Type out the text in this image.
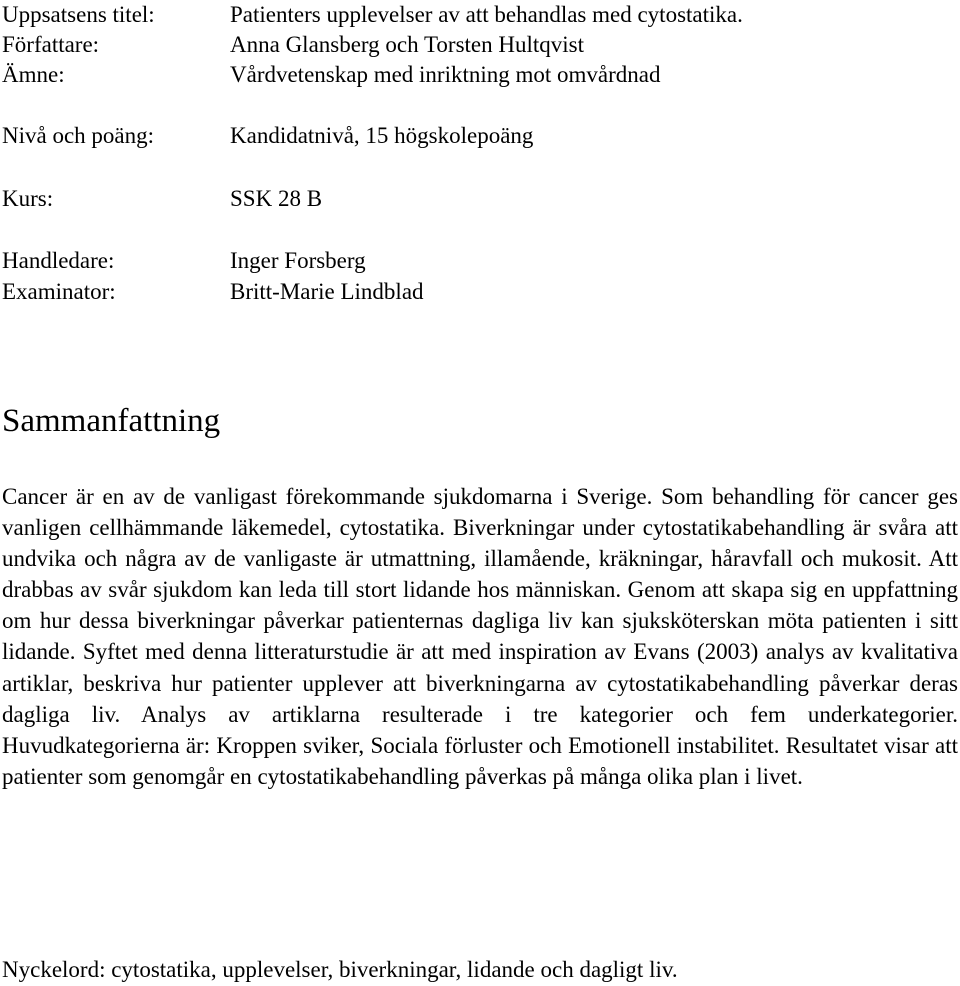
Uppsatsens titel:	Patienters upplevelser av att behandlas med cytostatika.
Författare:	Anna Glansberg och Torsten Hultqvist
Ämne:	Vårdvetenskap med inriktning mot omvårdnad
Nivå och poäng:	Kandidatnivå, 15 högskolepoäng
Kurs:	SSK 28 B
Handledare:	Inger Forsberg
Examinator:	Britt-Marie Lindblad
Sammanfattning

Cancer är en av de vanligast förekommande sjukdomarna i Sverige. Som behandling för cancer ges vanligen cellhämmande läkemedel, cytostatika. Biverkningar under cytostatikabehandling är svåra att undvika och några av de vanligaste är utmattning, illamående, kräkningar, håravfall och mukosit. Att drabbas av svår sjukdom kan leda till stort lidande hos människan. Genom att skapa sig en uppfattning om hur dessa biverkningar påverkar patienternas dagliga liv kan sjuksköterskan möta patienten i sitt lidande. Syftet med denna litteraturstudie är att med inspiration av Evans (2003) analys av kvalitativa artiklar, beskriva hur patienter upplever att biverkningarna av cytostatikabehandling påverkar deras dagliga liv. Analys av artiklarna resulterade i tre kategorier och fem underkategorier. Huvudkategorierna är: Kroppen sviker, Sociala förluster och Emotionell instabilitet. Resultatet visar att patienter som genomgår en cytostatikabehandling påverkas på många olika plan i livet.

Nyckelord: cytostatika, upplevelser, biverkningar, lidande och dagligt liv.
